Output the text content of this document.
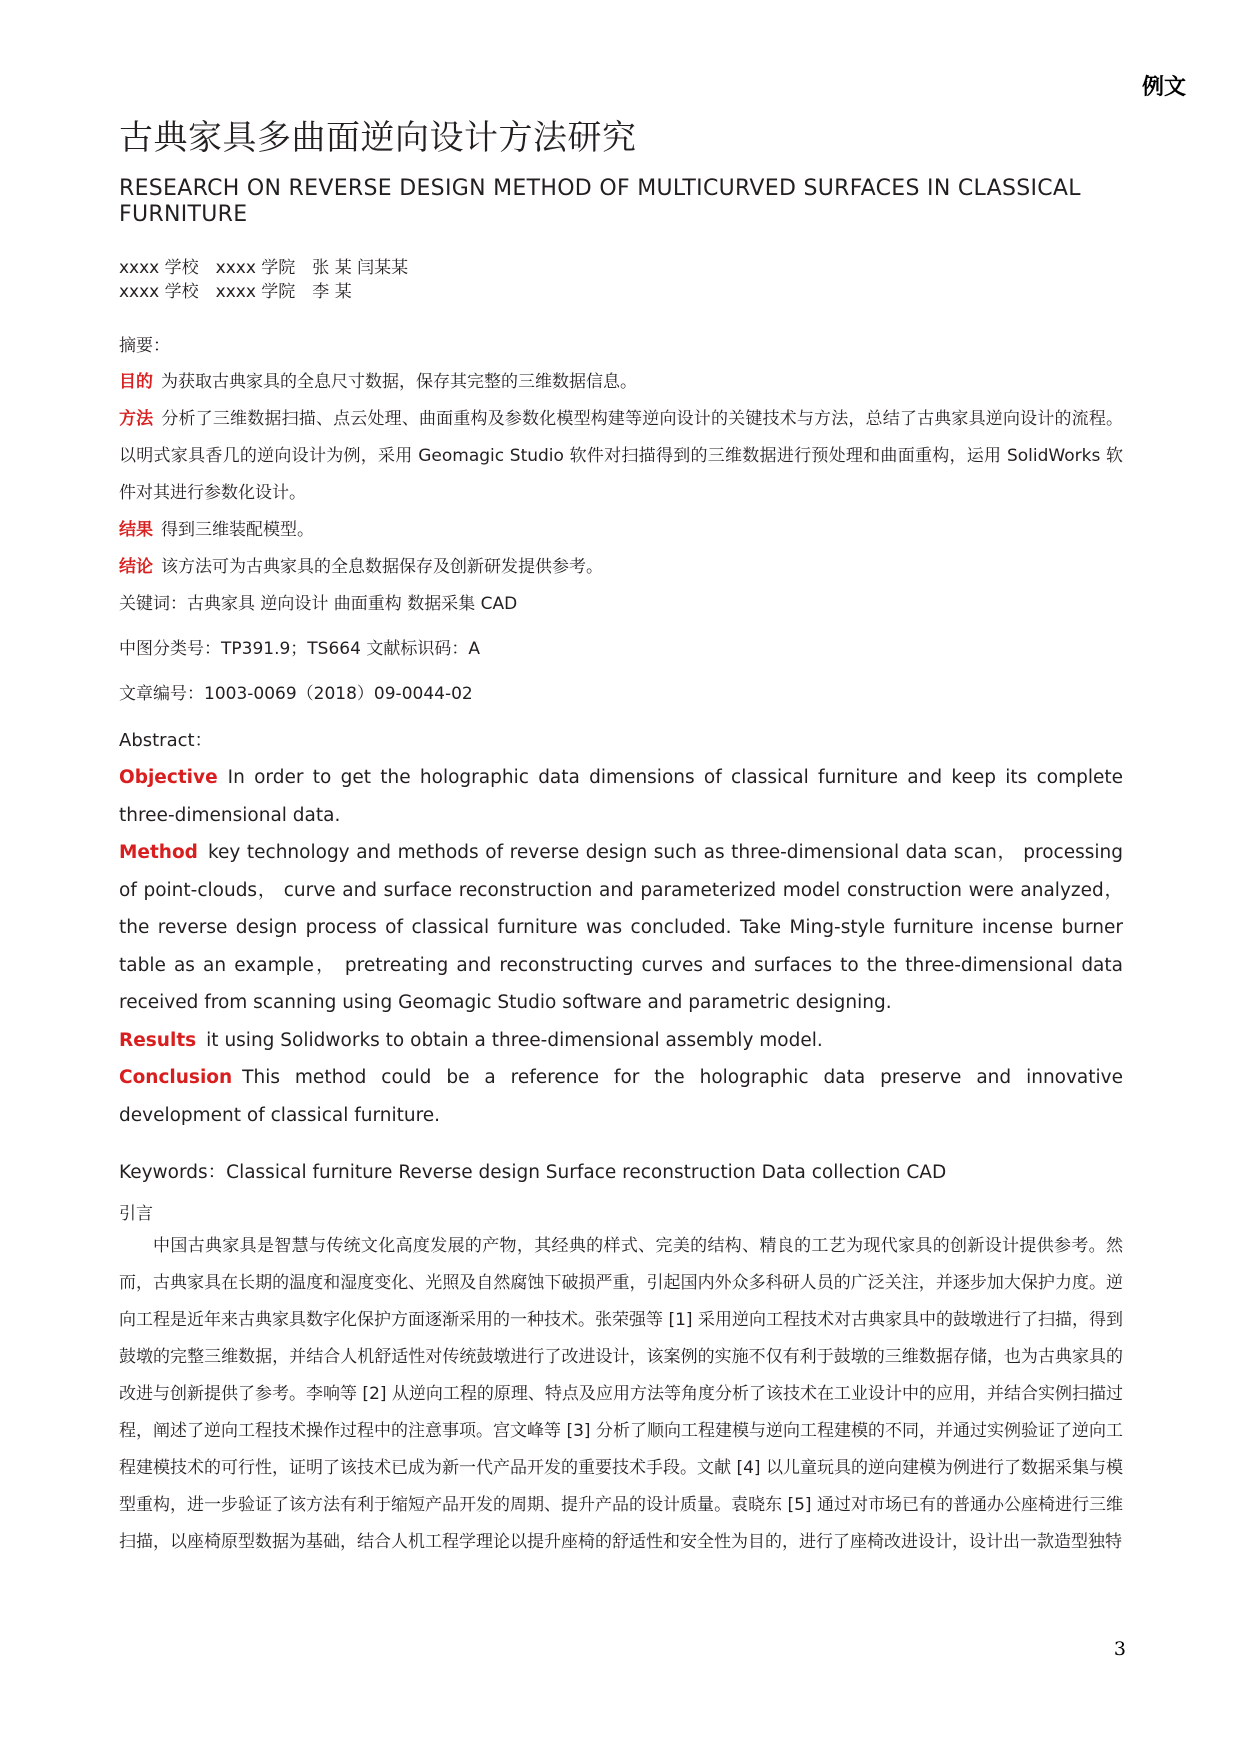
例文
古典家具多曲面逆向设计方法研究
RESEARCH ON REVERSE DESIGN METHOD OF MULTICURVED SURFACES IN CLASSICAL FURNITURE
xxxx 学校　xxxx 学院　张 某 闫某某
xxxx 学校　xxxx 学院　李 某
摘要：
目的 为获取古典家具的全息尺寸数据，保存其完整的三维数据信息。
方法 分析了三维数据扫描、点云处理、曲面重构及参数化模型构建等逆向设计的关键技术与方法，总结了古典家具逆向设计的流程。以明式家具香几的逆向设计为例，采用 Geomagic Studio 软件对扫描得到的三维数据进行预处理和曲面重构，运用 SolidWorks 软件对其进行参数化设计。
结果 得到三维装配模型。
结论 该方法可为古典家具的全息数据保存及创新研发提供参考。
关键词：古典家具 逆向设计 曲面重构 数据采集 CAD
中图分类号：TP391.9；TS664 文献标识码：A
文章编号：1003-0069（2018）09-0044-02
Abstract：
Objective In order to get the holographic data dimensions of classical furniture and keep its complete three-dimensional data.
Method key technology and methods of reverse design such as three-dimensional data scan， processing of point-clouds， curve and surface reconstruction and parameterized model construction were analyzed，the reverse design process of classical furniture was concluded. Take Ming-style furniture incense burner table as an example， pretreating and reconstructing curves and surfaces to the three-dimensional data received from scanning using Geomagic Studio software and parametric designing.
Results it using Solidworks to obtain a three-dimensional assembly model.
Conclusion This method could be a reference for the holographic data preserve and innovative development of classical furniture.
Keywords：Classical furniture Reverse design Surface reconstruction Data collection CAD
引言
中国古典家具是智慧与传统文化高度发展的产物，其经典的样式、完美的结构、精良的工艺为现代家具的创新设计提供参考。然而，古典家具在长期的温度和湿度变化、光照及自然腐蚀下破损严重，引起国内外众多科研人员的广泛关注，并逐步加大保护力度。逆向工程是近年来古典家具数字化保护方面逐渐采用的一种技术。张荣强等 [1] 采用逆向工程技术对古典家具中的鼓墩进行了扫描，得到鼓墩的完整三维数据，并结合人机舒适性对传统鼓墩进行了改进设计，该案例的实施不仅有利于鼓墩的三维数据存储，也为古典家具的改进与创新提供了参考。李响等 [2] 从逆向工程的原理、特点及应用方法等角度分析了该技术在工业设计中的应用，并结合实例扫描过程，阐述了逆向工程技术操作过程中的注意事项。宫文峰等 [3] 分析了顺向工程建模与逆向工程建模的不同，并通过实例验证了逆向工程建模技术的可行性，证明了该技术已成为新一代产品开发的重要技术手段。文献 [4] 以儿童玩具的逆向建模为例进行了数据采集与模型重构，进一步验证了该方法有利于缩短产品开发的周期、提升产品的设计质量。袁晓东 [5] 通过对市场已有的普通办公座椅进行三维扫描，以座椅原型数据为基础，结合人机工程学理论以提升座椅的舒适性和安全性为目的，进行了座椅改进设计，设计出一款造型独特
3
